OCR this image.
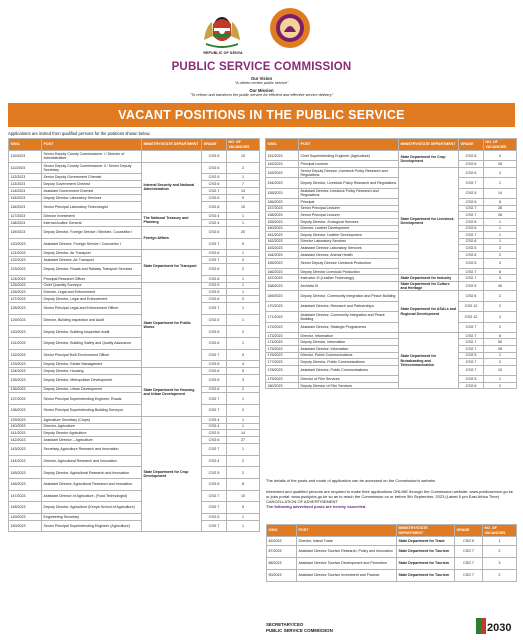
REPUBLIC OF KENYA
PUBLIC SERVICE COMMISSION
Our Vision
"A citizen-centric public service"
Our Mission
"To reform and transform the public service for efficient and effective service delivery"
VACANT POSITIONS IN THE PUBLIC SERVICE
Applications are invited from qualified persons for the positions shown below.
S/NO.	POST	MINISTRY/STATE DEPARTMENT	GRADE	NO. OF VACANCIES
110/2023	Senior Deputy County Commissioner I / Director of Administration		CSG 5	10
111/2023	Senior Deputy County Commissioner II / Senior Deputy Secretary	Internal Security and National Administration	CSG 6	2
112/2023	Senior Deputy Government Chemist		CSG 5	1
113/2023	Deputy Government Chemist		CSG 6	7
114/2023	Assistant Government Chemist		CSG 7	13
115/2023	Deputy Director Laboratory Services		CSG 6	9
116/2023	Senior Principal Laboratory Technologist		CSG 8	10
117/2023	Director Investment	The National Treasury and Planning	CSG 4	1
118/2023	Internal Auditor General		CSG 4	1
119/2023	Deputy Director, Foreign Service / Minister- Counsellor I	Foreign Affairs	CSG 6	20
120/2023	Assistant Director, Foreign Service / Counsellor I		CSG 7	5
121/2023	Deputy Director, Air Transport	State Department for Transport	CSG 6	1
122/2023	Assistant Director, Air Transport		CSG 7	2
123/2023	Deputy Director, Roads and Railway Transport Services		CSG 6	2
124/2023	Principal Research Officer		CSG 8	1
125/2023	Chief Quantity Surveyor	State Department for Public Works	CSG 9	1
126/2023	Director, Legal and Enforcement		CSG 5	1
127/2023	Deputy Director, Legal and Enforcement		CSG 6	2
128/2023	Senior Principal Legal and Enforcement Officer		CSG 7	1
129/2023	Director, Building Inspection and Audit		CSG 5	1
130/2023	Deputy Director, Building Inspection Audit		CSG 6	2
131/2023	Deputy Director, Building Safety and Quality Assurance		CSG 6	1
132/2023	Senior Principal Built Environment Officer		CSG 7	9
133/2023	Deputy Director, Estate Management		CSG 6	4
134/2023	Deputy Director, Housing	State Department for Housing and Urban Development	CSG 6	5
135/2023	Deputy Director, Metropolitan Development		CSG 6	3
136/2023	Deputy Director, Urban Development		CSG 6	2
137/2023	Senior Principal Superintending Engineer, Roads		CSG 7	1
138/2023	Senior Principal Superintending Building Surveyor		CSG 7	2
139/2023	Agriculture Secretary (Crops)	State Department for Crop Development	CSG 4	1
140/2023	Director, Agriculture		CSG 4	1
141/2023	Deputy Director Agriculture		CSG 5	14
142/2023	Assistant Director – Agriculture		CSG 6	27
143/2023	Secretary, Agriculture Research and Innovation		CSG 7	1
144/2023	Director, Agricultural Research and Innovation		CSG 4	2
145/2023	Deputy Director, Agricultural Research and Innovation		CSG 5	2
146/2023	Assistant Director, Agricultural Research and Innovation		CSG 6	8
147/2023	Assistant Director of Agriculture, (Food Technologist)		CSG 7	10
148/2023	Deputy Director, Agriculture (Kenya School of Agriculture)		CSG 7	5
149/2023	Engineering Secretary		CSG 5	1
150/2023	Senior Principal Superintending Engineer (Agriculture)		CSG 7	1
S/NO.	POST	MINISTRY/STATE DEPARTMENT	GRADE	NO. OF VACANCIES
151/2023	Chief Superintending Engineer (Agriculture)	State Department for Crop Development	CSG 8	4
152/2023	Principal Lecturer		CSG 6	16
153/2023	Senior Deputy Director, Livestock Policy Research and Regulations	State Department for Livestock Development	CSG 6	3
154/2023	Deputy Director, Livestock Policy Research and Regulations		CSG 7	1
155/2023	Assistant Director Livestock Policy Research and Regulations		CSG 5	14
156/2023	Principal		CSG 6	6
157/2023	Senior Principal Lecturer		CSG 7	28
158/2023	Senior Principal Lecturer		CSG 7	26
159/2023	Deputy Director, Zoological Services		CSG 6	1
160/2023	Director, Leather Development		CSG 6	1
161/2023	Deputy Director, Leather Development		CSG 7	1
162/2023	Director Laboratory Services		CSG 6	1
163/2023	Assistant Director Laboratory Services		CSG 5	3
164/2023	Assistant Director, Animal Health		CSG 6	2
165/2023	Senior Deputy Director Livestock Production		CSG 5	3
166/2023	Deputy Director Livestock Production		CSG 7	8
167/2023	Instructor III (Leather Technology)	State Department for Industry	CSG 7	3
168/2023	Archivist III	State Department for Culture and Heritage	CSG 5	40
169/2023	Deputy Director, Community Integration and Peace Building	State Department for ASALs and Regional Development	CSG 6	2
170/2023	Assistant Director, Research and Partnerships		CSG 12	2
171/2023	Assistant Director, Community Integration and Peace Building		CSG 12	3
172/2023	Assistant Director, Strategic Programmes		CSG 7	2
173/2023	Director, Information	State Department for Broadcasting and Telecommunication	CSG 7	8
174/2023	Deputy Director, Information		CSG 7	50
175/2023	Assistant Director, Information		CSG 7	28
176/2023	Director, Public Communications		CSG 5	1
177/2023	Deputy Director, Public Communications		CSG 7	2
178/2023	Assistant Director, Public Communications		CSG 7	10
179/2023	Director of Film Services		CSG 5	1
180/2023	Deputy Director of Film Services		CSG 6	2
The details of the posts and mode of application can be accessed on the Commission's website.
Interested and qualified persons are required to make their applications ONLINE through the Commission website: www.publicservice.go.ke or jobs portal: www.psckjobs.go.ke so as to reach the Commission on or before 5th September, 2023 (Latest 5 pm East Africa Time) CANCELLATION OF ADVERTISEMENT
The following advertised posts are hereby cancelled.
S/NO.	POST	MINISTRY/STATE DEPARTMENT	GRADE	NO. OF VACANCIES
82/2023	Director, Inland Trade	State Department for Trade	CSG 5	1
87/2023	Assistant Director Tourism Research, Policy and Innovation	State Department for Tourism	CSG 7	2
88/2023	Assistant Director Tourism Development and Promotion	State Department for Tourism	CSG 7	3
90/2023	Assistant Director Tourism Investment and Finance	State Department for Tourism	CSG 7	2
SECRETARY/CEO
PUBLIC SERVICE COMMISSION	2030
